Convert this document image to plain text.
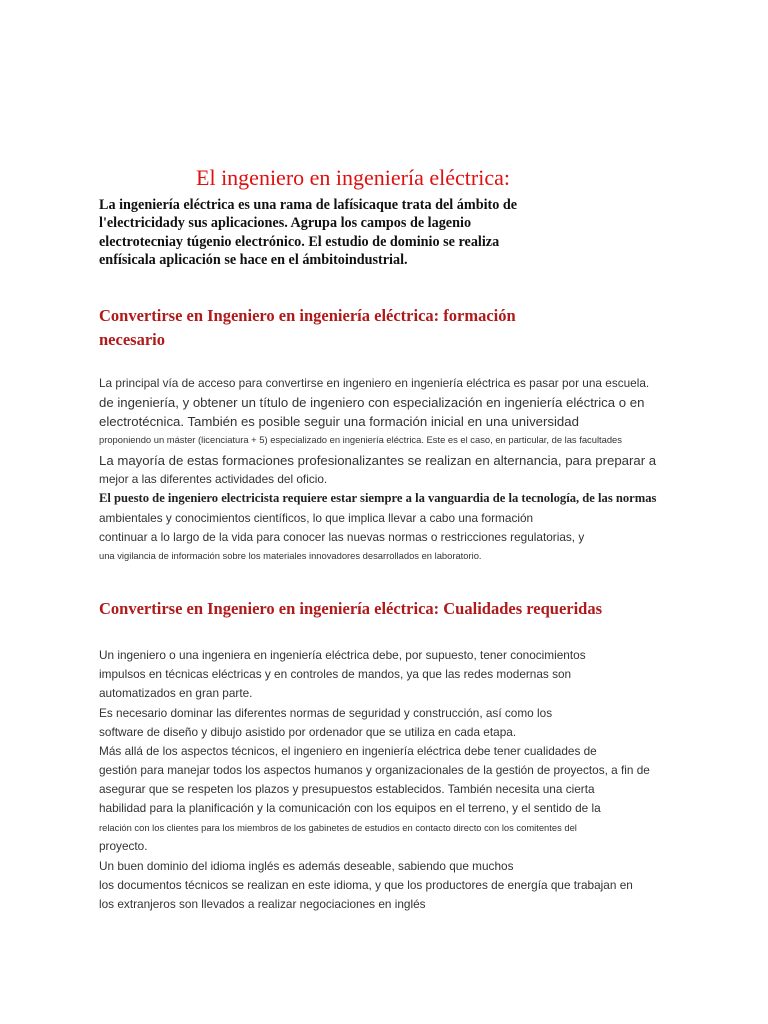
El ingeniero en ingeniería eléctrica:
La ingeniería eléctrica es una rama de lafísicaque trata del ámbito de
l'electricidady sus aplicaciones. Agrupa los campos de lagenio
electrotecniay túgenio electrónico. El estudio de dominio se realiza
enfísicala aplicación se hace en el ámbitoindustrial.
Convertirse en Ingeniero en ingeniería eléctrica: formación
necesario
La principal vía de acceso para convertirse en ingeniero en ingeniería eléctrica es pasar por una escuela.
de ingeniería, y obtener un título de ingeniero con especialización en ingeniería eléctrica o en
electrotécnica. También es posible seguir una formación inicial en una universidad
proponiendo un máster (licenciatura + 5) especializado en ingeniería eléctrica. Este es el caso, en particular, de las facultades
La mayoría de estas formaciones profesionalizantes se realizan en alternancia, para preparar a
mejor a las diferentes actividades del oficio.
El puesto de ingeniero electricista requiere estar siempre a la vanguardia de la tecnología, de las normas
ambientales y conocimientos científicos, lo que implica llevar a cabo una formación
continuar a lo largo de la vida para conocer las nuevas normas o restricciones regulatorias, y
una vigilancia de información sobre los materiales innovadores desarrollados en laboratorio.
Convertirse en Ingeniero en ingeniería eléctrica: Cualidades requeridas
Un ingeniero o una ingeniera en ingeniería eléctrica debe, por supuesto, tener conocimientos
impulsos en técnicas eléctricas y en controles de mandos, ya que las redes modernas son
automatizados en gran parte.
Es necesario dominar las diferentes normas de seguridad y construcción, así como los
software de diseño y dibujo asistido por ordenador que se utiliza en cada etapa.
Más allá de los aspectos técnicos, el ingeniero en ingeniería eléctrica debe tener cualidades de
gestión para manejar todos los aspectos humanos y organizacionales de la gestión de proyectos, a fin de
asegurar que se respeten los plazos y presupuestos establecidos. También necesita una cierta
habilidad para la planificación y la comunicación con los equipos en el terreno, y el sentido de la
relación con los clientes para los miembros de los gabinetes de estudios en contacto directo con los comitentes del
proyecto.
Un buen dominio del idioma inglés es además deseable, sabiendo que muchos
los documentos técnicos se realizan en este idioma, y que los productores de energía que trabajan en
los extranjeros son llevados a realizar negociaciones en inglés
